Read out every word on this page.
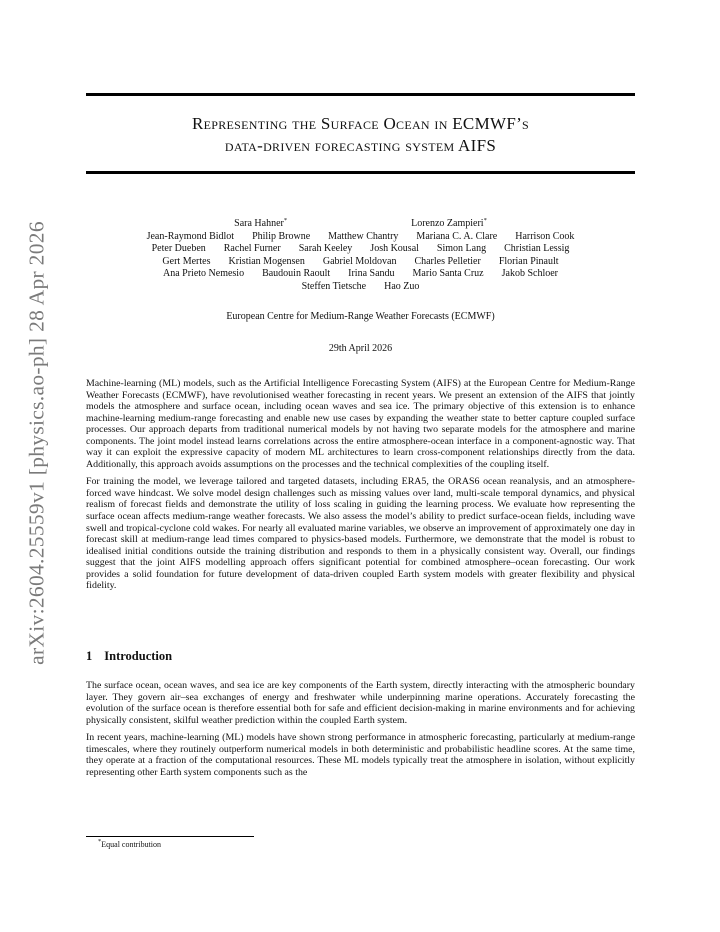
arXiv:2604.25559v1 [physics.ao-ph] 28 Apr 2026
Representing the Surface Ocean in ECMWF’s
data-driven forecasting system AIFS
Sara Hahner*	Lorenzo Zampieri*
Jean-Raymond Bidlot Philip Browne Matthew Chantry Mariana C. A. Clare Harrison Cook
Peter Dueben Rachel Furner Sarah Keeley Josh Kousal Simon Lang Christian Lessig
Gert Mertes Kristian Mogensen Gabriel Moldovan Charles Pelletier Florian Pinault
Ana Prieto Nemesio Baudouin Raoult Irina Sandu Mario Santa Cruz Jakob Schloer
Steffen Tietsche Hao Zuo
European Centre for Medium-Range Weather Forecasts (ECMWF)
29th April 2026

Machine-learning (ML) models, such as the Artificial Intelligence Forecasting System (AIFS) at the European Centre for Medium-Range Weather Forecasts (ECMWF), have revolutionised weather forecasting in recent years. We present an extension of the AIFS that jointly models the atmosphere and surface ocean, including ocean waves and sea ice. The primary objective of this extension is to enhance machine-learning medium-range forecasting and enable new use cases by expanding the weather state to better capture coupled surface processes. Our approach departs from traditional numerical models by not having two separate models for the atmosphere and marine components. The joint model instead learns correlations across the entire atmosphere-ocean interface in a component-agnostic way. That way it can exploit the expressive capacity of modern ML architectures to learn cross-component relationships directly from the data. Additionally, this approach avoids assumptions on the processes and the technical complexities of the coupling itself.

For training the model, we leverage tailored and targeted datasets, including ERA5, the ORAS6 ocean reanalysis, and an atmosphere-forced wave hindcast. We solve model design challenges such as missing values over land, multi-scale temporal dynamics, and physical realism of forecast fields and demonstrate the utility of loss scaling in guiding the learning process. We evaluate how representing the surface ocean affects medium-range weather forecasts. We also assess the model’s ability to predict surface-ocean fields, including wave swell and tropical-cyclone cold wakes. For nearly all evaluated marine variables, we observe an improvement of approximately one day in forecast skill at medium-range lead times compared to physics-based models. Furthermore, we demonstrate that the model is robust to idealised initial conditions outside the training distribution and responds to them in a physically consistent way. Overall, our findings suggest that the joint AIFS modelling approach offers significant potential for combined atmosphere–ocean forecasting. Our work provides a solid foundation for future development of data-driven coupled Earth system models with greater flexibility and physical fidelity.

1 Introduction

The surface ocean, ocean waves, and sea ice are key components of the Earth system, directly interacting with the atmospheric boundary layer. They govern air–sea exchanges of energy and freshwater while underpinning marine operations. Accurately forecasting the evolution of the surface ocean is therefore essential both for safe and efficient decision-making in marine environments and for achieving physically consistent, skilful weather prediction within the coupled Earth system.

In recent years, machine-learning (ML) models have shown strong performance in atmospheric forecasting, particularly at medium-range timescales, where they routinely outperform numerical models in both deterministic and probabilistic headline scores. At the same time, they operate at a fraction of the computational resources. These ML models typically treat the atmosphere in isolation, without explicitly representing other Earth system components such as the

*Equal contribution
